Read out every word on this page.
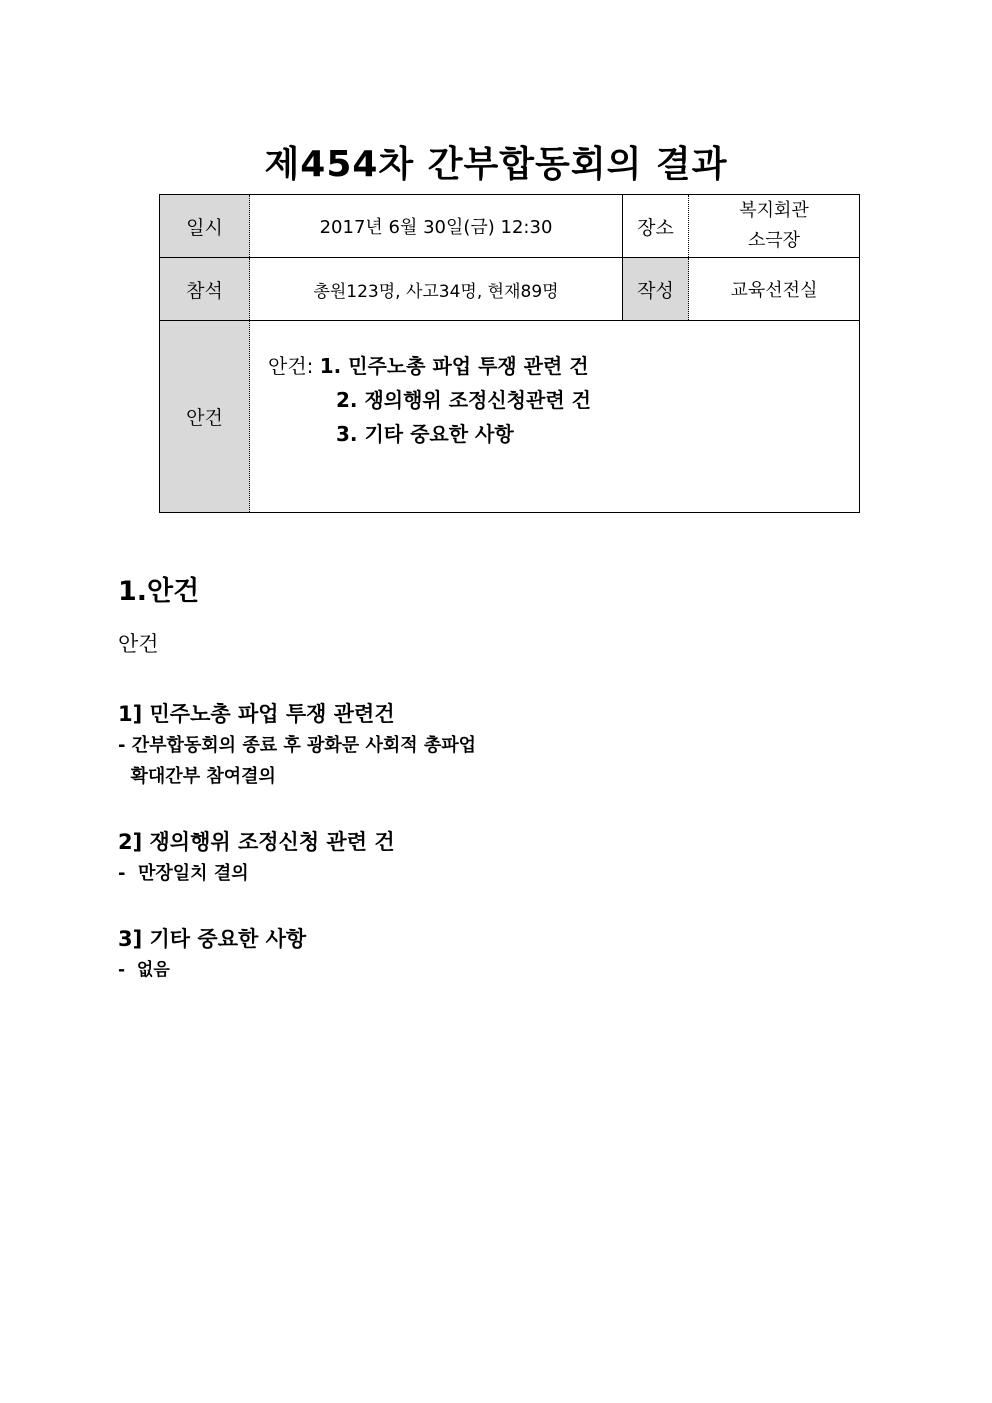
제454차 간부합동회의 결과
일시	2017년 6월 30일(금) 12:30	장소	복지회관
소극장

참석	총원123명, 사고34명, 현재89명	작성	교육선전실
안건	안건: 1. 민주노총 파업 투쟁 관련 건
2. 쟁의행위 조정신청관련 건
3. 기타 중요한 사항		
1.안건
안건
1] 민주노총 파업 투쟁 관련건
- 간부합동회의 종료 후 광화문 사회적 총파업
확대간부 참여결의
2] 쟁의행위 조정신청 관련 건
-  만장일치 결의
3] 기타 중요한 사항
-  없음
